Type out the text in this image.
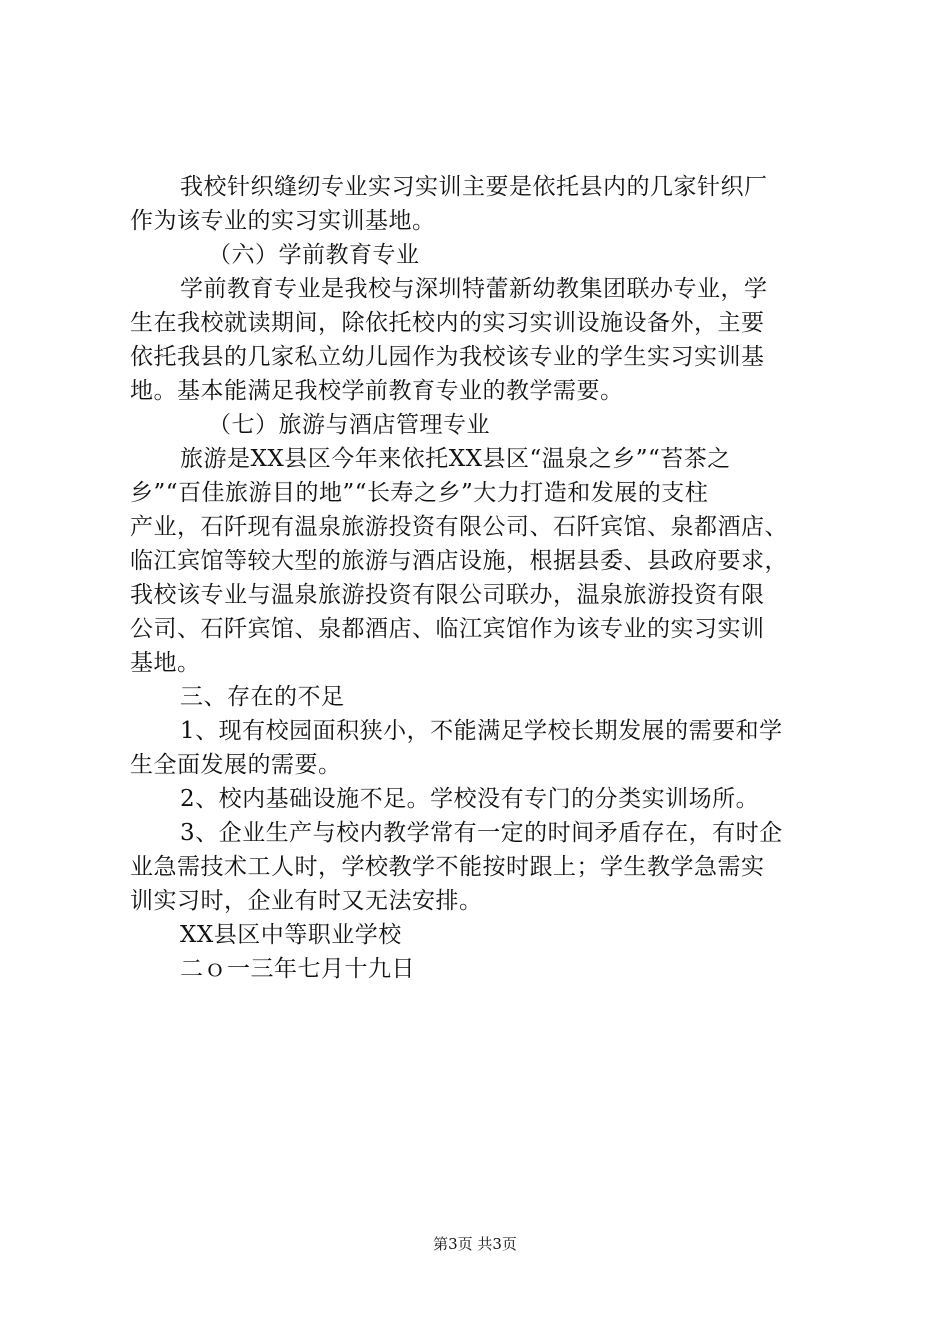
我校针织缝纫专业实习实训主要是依托县内的几家针织厂
作为该专业的实习实训基地。
（六）学前教育专业
学前教育专业是我校与深圳特蕾新幼教集团联办专业，学
生在我校就读期间，除依托校内的实习实训设施设备外，主要
依托我县的几家私立幼儿园作为我校该专业的学生实习实训基
地。基本能满足我校学前教育专业的教学需要。
（七）旅游与酒店管理专业
旅游是XX县区今年来依托XX县区“温泉之乡”“苔茶之
乡”“百佳旅游目的地”“长寿之乡”大力打造和发展的支柱
产业，石阡现有温泉旅游投资有限公司、石阡宾馆、泉都酒店、
临江宾馆等较大型的旅游与酒店设施，根据县委、县政府要求，
我校该专业与温泉旅游投资有限公司联办，温泉旅游投资有限
公司、石阡宾馆、泉都酒店、临江宾馆作为该专业的实习实训
基地。
三、存在的不足
1、现有校园面积狭小，不能满足学校长期发展的需要和学
生全面发展的需要。
2、校内基础设施不足。学校没有专门的分类实训场所。
3、企业生产与校内教学常有一定的时间矛盾存在，有时企
业急需技术工人时，学校教学不能按时跟上；学生教学急需实
训实习时，企业有时又无法安排。
XX县区中等职业学校
二ｏ一三年七月十九日
第3页 共3页
